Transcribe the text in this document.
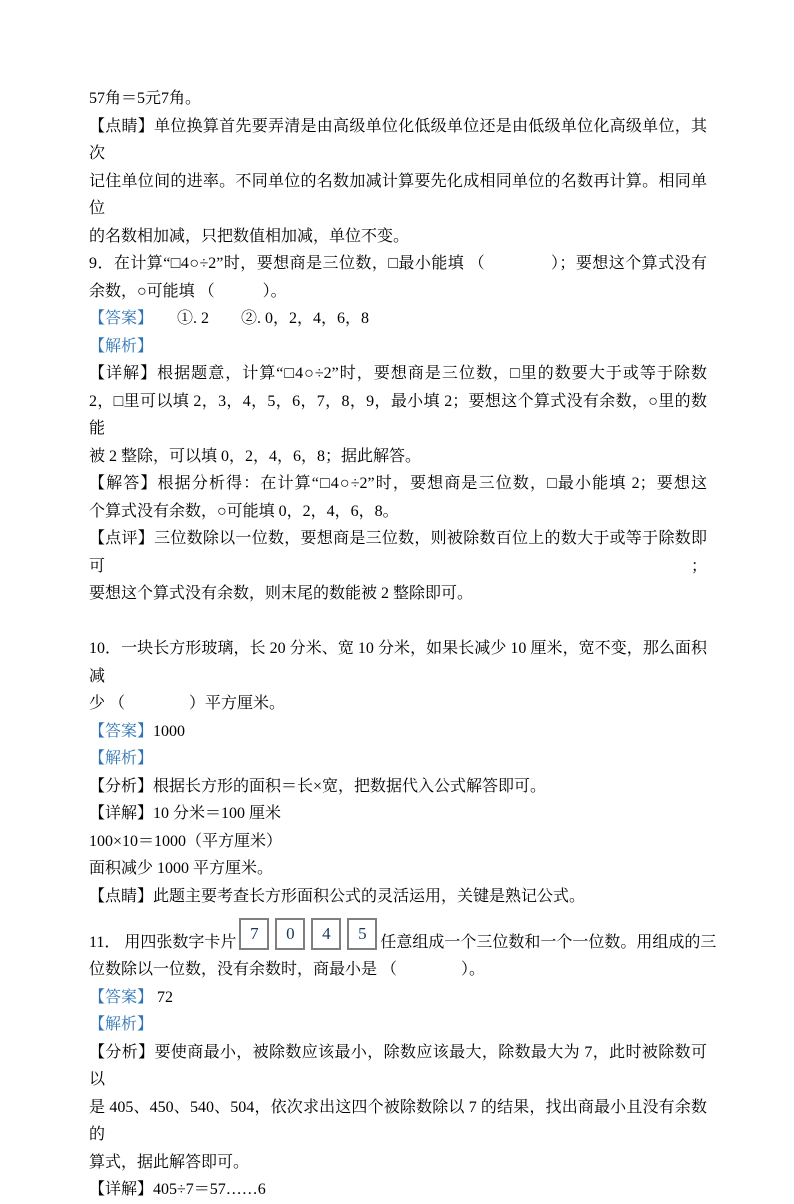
57角＝5元7角。
【点睛】单位换算首先要弄清是由高级单位化低级单位还是由低级单位化高级单位，其次
记住单位间的进率。不同单位的名数加减计算要先化成相同单位的名数再计算。相同单位
的名数相加减，只把数值相加减，单位不变。
9．在计算“□4○÷2”时，要想商是三位数，□最小能填 （　　　　）；要想这个算式没有
余数，○可能填 （　　　）。
【答案】　　①. 2　　②. 0，2，4，6，8
【解析】
【详解】根据题意，计算“□4○÷2”时，要想商是三位数，□里的数要大于或等于除数
2，□里可以填 2，3，4，5，6，7，8，9，最小填 2；要想这个算式没有余数，○里的数能
被 2 整除，可以填 0，2，4，6，8；据此解答。
【解答】根据分析得：在计算“□4○÷2”时，要想商是三位数，□最小能填 2；要想这
个算式没有余数，○可能填 0，2，4，6，8。
【点评】三位数除以一位数，要想商是三位数，则被除数百位上的数大于或等于除数即可；
要想这个算式没有余数，则末尾的数能被 2 整除即可。
10．一块长方形玻璃，长 20 分米、宽 10 分米，如果长减少 10 厘米，宽不变，那么面积减
少 （　　　　）平方厘米。
【答案】1000
【解析】
【分析】根据长方形的面积＝长×宽，把数据代入公式解答即可。
【详解】10 分米＝100 厘米
100×10＝1000（平方厘米）
面积减少 1000 平方厘米。
【点睛】此题主要考查长方形面积公式的灵活运用，关键是熟记公式。
11． 用四张数字卡片 7	0	4	5 任意组成一个三位数和一个一位数。用组成的三
位数除以一位数，没有余数时，商最小是 （　　　　）。
【答案】 72
【解析】
【分析】要使商最小，被除数应该最小，除数应该最大，除数最大为 7，此时被除数可以
是 405、450、540、504，依次求出这四个被除数除以 7 的结果，找出商最小且没有余数的
算式，据此解答即可。
【详解】405÷7＝57……6
